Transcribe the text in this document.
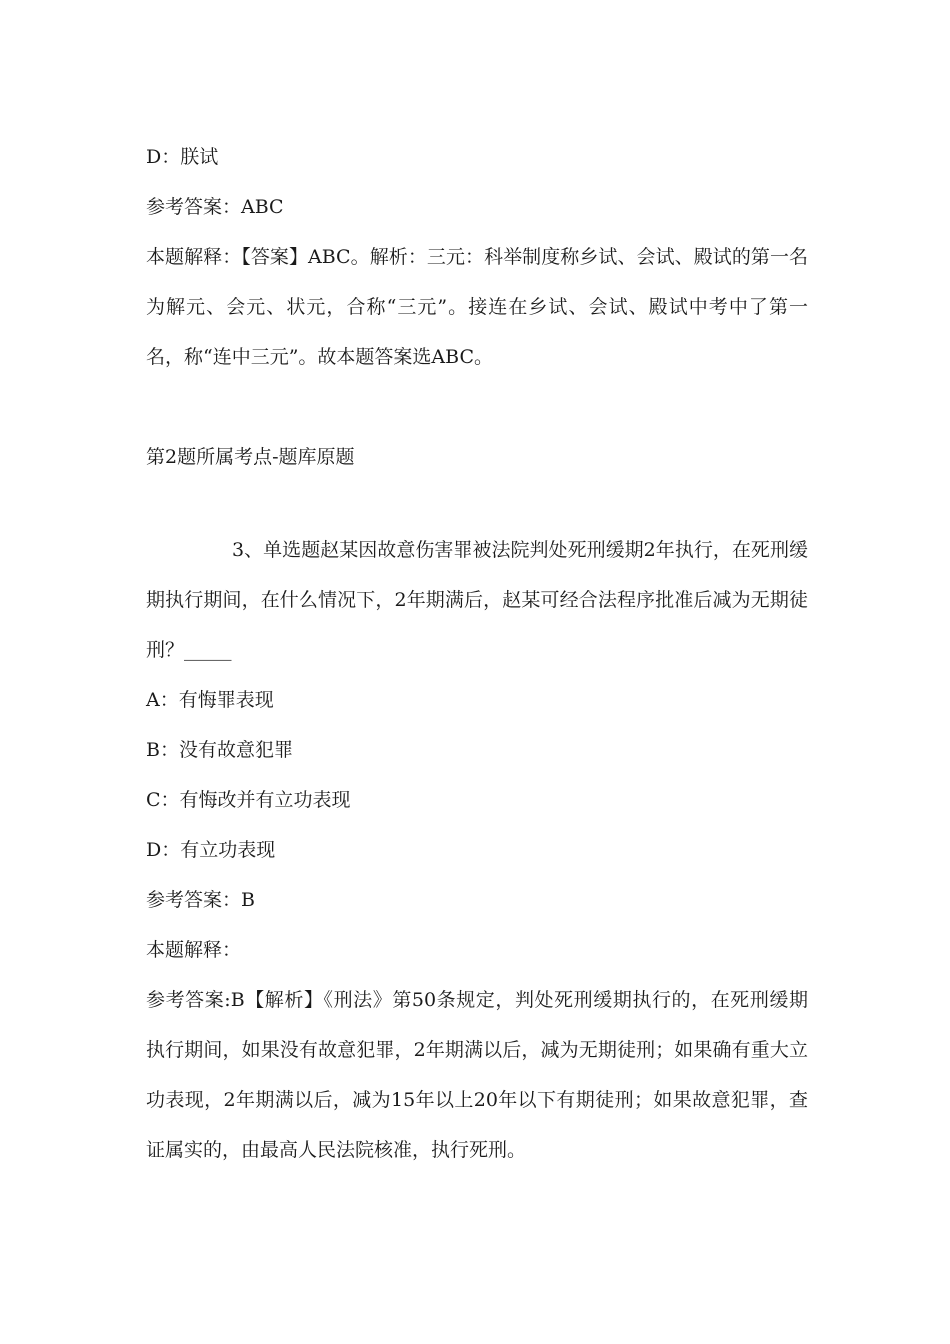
D：朕试

参考答案：ABC

本题解释：【答案】ABC。解析：三元：科举制度称乡试、会试、殿试的第一名为解元、会元、状元，合称“三元”。接连在乡试、会试、殿试中考中了第一名，称“连中三元”。故本题答案选ABC。

第2题所属考点-题库原题

3、单选题赵某因故意伤害罪被法院判处死刑缓期2年执行，在死刑缓期执行期间，在什么情况下，2年期满后，赵某可经合法程序批准后减为无期徒刑？_____

A：有悔罪表现

B：没有故意犯罪

C：有悔改并有立功表现

D：有立功表现

参考答案：B

本题解释：

参考答案:B【解析】《刑法》第50条规定，判处死刑缓期执行的，在死刑缓期执行期间，如果没有故意犯罪，2年期满以后，减为无期徒刑；如果确有重大立功表现，2年期满以后，减为15年以上20年以下有期徒刑；如果故意犯罪，查证属实的，由最高人民法院核准，执行死刑。
